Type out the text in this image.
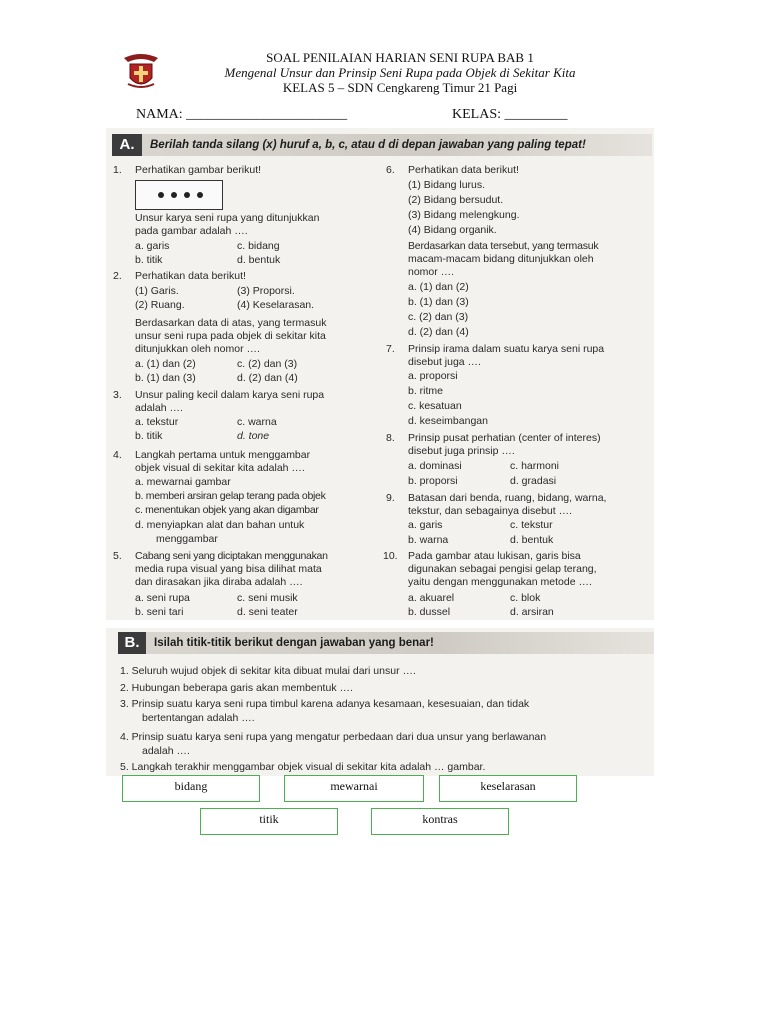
SOAL PENILAIAN HARIAN SENI RUPA BAB 1
Mengenal Unsur dan Prinsip Seni Rupa pada Objek di Sekitar Kita
KELAS 5 – SDN Cengkareng Timur 21 Pagi
NAMA: _______________________	KELAS: _________
A.	Berilah tanda silang (x) huruf a, b, c, atau d di depan jawaban yang paling tepat!
1. Perhatikan gambar berikut!
Unsur karya seni rupa yang ditunjukkan
pada gambar adalah ….
a. garis	c. bidang
b. titik	d. bentuk
2. Perhatikan data berikut!
(1) Garis.	(3) Proporsi.
(2) Ruang.	(4) Keselarasan.
Berdasarkan data di atas, yang termasuk
unsur seni rupa pada objek di sekitar kita
ditunjukkan oleh nomor ….
a. (1) dan (2)	c. (2) dan (3)
b. (1) dan (3)	d. (2) dan (4)
3. Unsur paling kecil dalam karya seni rupa
adalah ….
a. tekstur	c. warna
b. titik	d. tone
4. Langkah pertama untuk menggambar
objek visual di sekitar kita adalah ….
a. mewarnai gambar
b. memberi arsiran gelap terang pada objek
c. menentukan objek yang akan digambar
d. menyiapkan alat dan bahan untuk
menggambar
5. Cabang seni yang diciptakan menggunakan
media rupa visual yang bisa dilihat mata
dan dirasakan jika diraba adalah ….
a. seni rupa	c. seni musik
b. seni tari	d. seni teater
6. Perhatikan data berikut!
(1) Bidang lurus.
(2) Bidang bersudut.
(3) Bidang melengkung.
(4) Bidang organik.
Berdasarkan data tersebut, yang termasuk
macam-macam bidang ditunjukkan oleh
nomor ….
a. (1) dan (2)
b. (1) dan (3)
c. (2) dan (3)
d. (2) dan (4)
7. Prinsip irama dalam suatu karya seni rupa
disebut juga ….
a. proporsi
b. ritme
c. kesatuan
d. keseimbangan
8. Prinsip pusat perhatian (center of interes)
disebut juga prinsip ….
a. dominasi	c. harmoni
b. proporsi	d. gradasi
9. Batasan dari benda, ruang, bidang, warna,
tekstur, dan sebagainya disebut ….
a. garis	c. tekstur
b. warna	d. bentuk
10. Pada gambar atau lukisan, garis bisa
digunakan sebagai pengisi gelap terang,
yaitu dengan menggunakan metode ….
a. akuarel	c. blok
b. dussel	d. arsiran
B.	Isilah titik-titik berikut dengan jawaban yang benar!
1. Seluruh wujud objek di sekitar kita dibuat mulai dari unsur ….
2. Hubungan beberapa garis akan membentuk ….
3. Prinsip suatu karya seni rupa timbul karena adanya kesamaan, kesesuaian, dan tidak
bertentangan adalah ….
4. Prinsip suatu karya seni rupa yang mengatur perbedaan dari dua unsur yang berlawanan
adalah ….
5. Langkah terakhir menggambar objek visual di sekitar kita adalah … gambar.
bidang	mewarnai	keselarasan
titik	kontras
